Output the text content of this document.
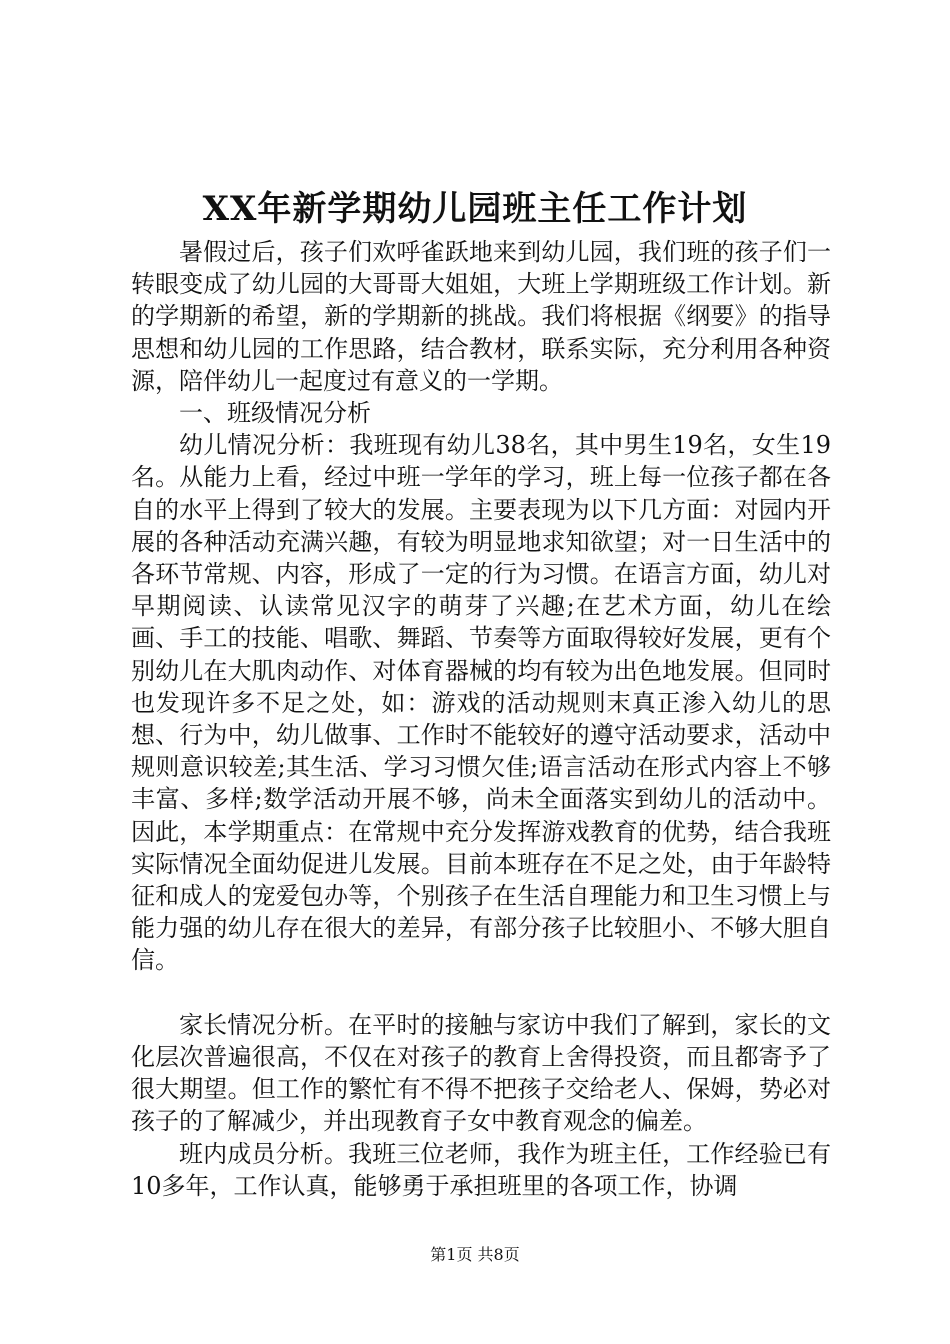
XX年新学期幼儿园班主任工作计划

暑假过后，孩子们欢呼雀跃地来到幼儿园，我们班的孩子们一转眼变成了幼儿园的大哥哥大姐姐，大班上学期班级工作计划。新的学期新的希望，新的学期新的挑战。我们将根据《纲要》的指导思想和幼儿园的工作思路，结合教材，联系实际，充分利用各种资源，陪伴幼儿一起度过有意义的一学期。

一、班级情况分析

幼儿情况分析：我班现有幼儿38名，其中男生19名，女生19名。从能力上看，经过中班一学年的学习，班上每一位孩子都在各自的水平上得到了较大的发展。主要表现为以下几方面：对园内开展的各种活动充满兴趣，有较为明显地求知欲望；对一日生活中的各环节常规、内容，形成了一定的行为习惯。在语言方面，幼儿对早期阅读、认读常见汉字的萌芽了兴趣;在艺术方面，幼儿在绘画、手工的技能、唱歌、舞蹈、节奏等方面取得较好发展，更有个别幼儿在大肌肉动作、对体育器械的均有较为出色地发展。但同时也发现许多不足之处，如：游戏的活动规则末真正渗入幼儿的思想、行为中，幼儿做事、工作时不能较好的遵守活动要求，活动中规则意识较差;其生活、学习习惯欠佳;语言活动在形式内容上不够丰富、多样;数学活动开展不够，尚未全面落实到幼儿的活动中。因此，本学期重点：在常规中充分发挥游戏教育的优势，结合我班实际情况全面幼促进儿发展。目前本班存在不足之处，由于年龄特征和成人的宠爱包办等，个别孩子在生活自理能力和卫生习惯上与能力强的幼儿存在很大的差异，有部分孩子比较胆小、不够大胆自信。

家长情况分析。在平时的接触与家访中我们了解到，家长的文化层次普遍很高，不仅在对孩子的教育上舍得投资，而且都寄予了很大期望。但工作的繁忙有不得不把孩子交给老人、保姆，势必对孩子的了解减少，并出现教育子女中教育观念的偏差。

班内成员分析。我班三位老师，我作为班主任，工作经验已有10多年，工作认真，能够勇于承担班里的各项工作，协调

第1页 共8页
